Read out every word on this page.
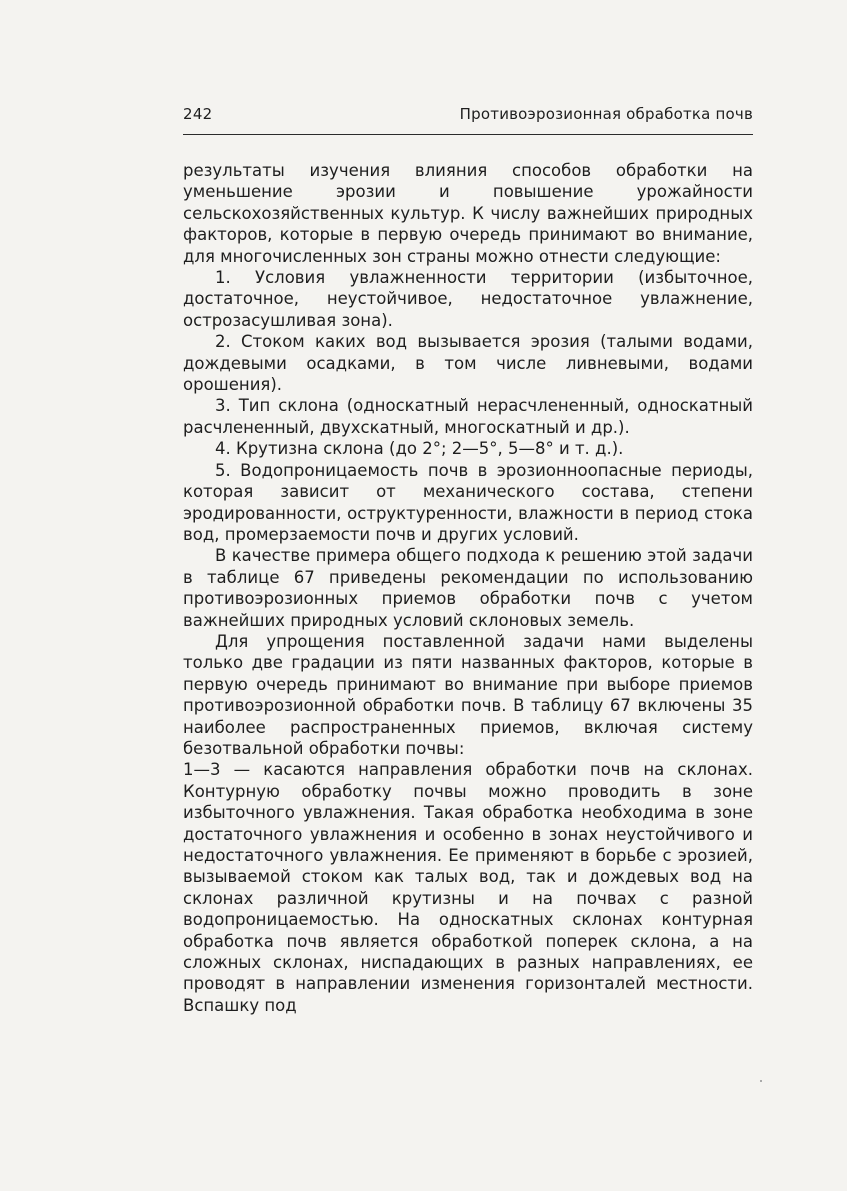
242	Противоэрозионная обработка почв

результаты изучения влияния способов обработки на уменьшение эрозии и повышение урожайности сельскохозяйственных культур. К числу важнейших природных факторов, которые в первую очередь принимают во внимание, для многочисленных зон страны можно отнести следующие:

1. Условия увлажненности территории (избыточное, достаточное, неустойчивое, недостаточное увлажнение, острозасушливая зона).

2. Стоком каких вод вызывается эрозия (талыми водами, дождевыми осадками, в том числе ливневыми, водами орошения).

3. Тип склона (односкатный нерасчлененный, односкатный расчлененный, двухскатный, многоскатный и др.).

4. Крутизна склона (до 2°; 2—5°, 5—8° и т. д.).

5. Водопроницаемость почв в эрозионноопасные периоды, которая зависит от механического состава, степени эродированности, оструктуренности, влажности в период стока вод, промерзаемости почв и других условий.

В качестве примера общего подхода к решению этой задачи в таблице 67 приведены рекомендации по использованию противоэрозионных приемов обработки почв с учетом важнейших природных условий склоновых земель.

Для упрощения поставленной задачи нами выделены только две градации из пяти названных факторов, которые в первую очередь принимают во внимание при выборе приемов противоэрозионной обработки почв. В таблицу 67 включены 35 наиболее распространенных приемов, включая систему безотвальной обработки почвы:

1—3 — касаются направления обработки почв на склонах. Контурную обработку почвы можно проводить в зоне избыточного увлажнения. Такая обработка необходима в зоне достаточного увлажнения и особенно в зонах неустойчивого и недостаточного увлажнения. Ее применяют в борьбе с эрозией, вызываемой стоком как талых вод, так и дождевых вод на склонах различной крутизны и на почвах с разной водопроницаемостью. На односкатных склонах контурная обработка почв является обработкой поперек склона, а на сложных склонах, ниспадающих в разных направлениях, ее проводят в направлении изменения горизонталей местности. Вспашку под
